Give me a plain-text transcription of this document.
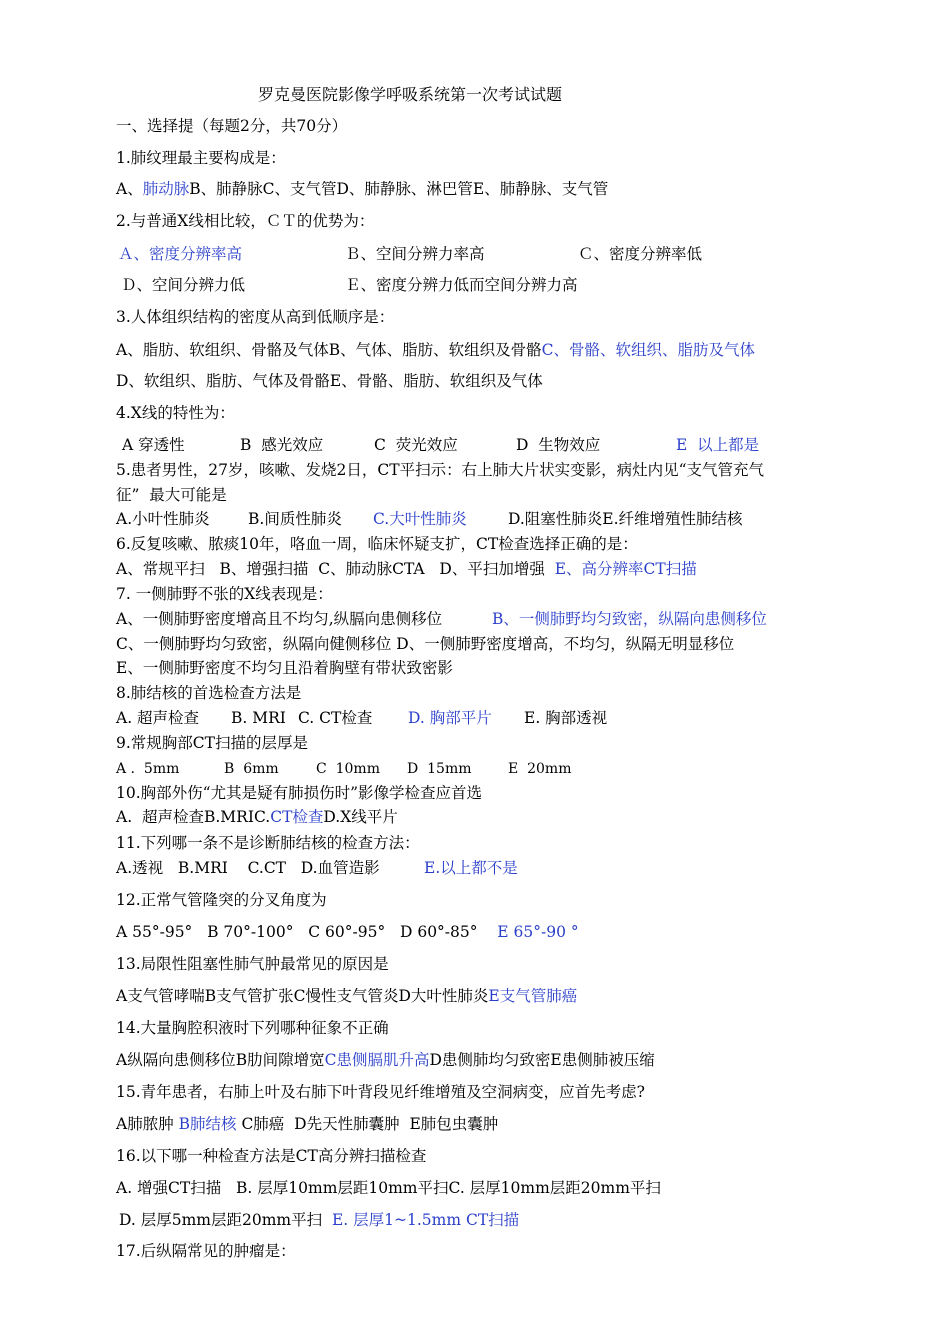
罗克曼医院影像学呼吸系统第一次考试试题
一、选择提（每题2分，共70分）
1.肺纹理最主要构成是：
A、肺动脉B、肺静脉C、支气管D、肺静脉、淋巴管E、肺静脉、支气管
2.与普通X线相比较，ＣＴ的优势为：
Ａ、密度分辨率高	Ｂ、空间分辨力率高	Ｃ、密度分辨率低
Ｄ、空间分辨力低	Ｅ、密度分辨力低而空间分辨力高
3.人体组织结构的密度从高到低顺序是：
A、脂肪、软组织、骨骼及气体B、气体、脂肪、软组织及骨骼C、骨骼、软组织、脂肪及气体
D、软组织、脂肪、气体及骨骼E、骨骼、脂肪、软组织及气体
4.X线的特性为：
A 穿透性	B  感光效应	C  荧光效应	D  生物效应	E  以上都是
5.患者男性，27岁，咳嗽、发烧2日，CT平扫示：右上肺大片状实变影，病灶内见“支气管充气
征”  最大可能是
A.小叶性肺炎 B.间质性肺炎 C.大叶性肺炎	D.阻塞性肺炎E.纤维增殖性肺结核
6.反复咳嗽、脓痰10年，咯血一周，临床怀疑支扩，CT检查选择正确的是：
A、常规平扫   B、增强扫描  C、肺动脉CTA   D、平扫加增强 E、高分辨率CT扫描
7. 一侧肺野不张的X线表现是：
A、一侧肺野密度增高且不均匀,纵膈向患侧移位	B、一侧肺野均匀致密，纵隔向患侧移位
C、一侧肺野均匀致密，纵隔向健侧移位 D、一侧肺野密度增高，不均匀，纵隔无明显移位
E、一侧肺野密度不均匀且沿着胸壁有带状致密影
8.肺结核的首选检查方法是
A. 超声检查 B. MRI C. CT检查 D. 胸部平片 E. 胸部透视
9.常规胸部CT扫描的层厚是
A .  5mm	B  6mm	C  10mm D  15mm	E  20mm
10.胸部外伤“尤其是疑有肺损伤时”影像学检查应首选
A.  超声检查B.MRIC.CT检查D.X线平片
11.下列哪一条不是诊断肺结核的检查方法：
A.透视   B.MRI    C.CT   D.血管造影	E.以上都不是
12.正常气管隆突的分叉角度为
A 55°-95°   B 70°-100°   C 60°-95°   D 60°-85° E 65°-90 °
13.局限性阻塞性肺气肿最常见的原因是
A支气管哮喘B支气管扩张C慢性支气管炎D大叶性肺炎E支气管肺癌
14.大量胸腔积液时下列哪种征象不正确
A纵隔向患侧移位B肋间隙增宽C患侧膈肌升高D患侧肺均匀致密E患侧肺被压缩
15.青年患者，右肺上叶及右肺下叶背段见纤维增殖及空洞病变，应首先考虑?
A肺脓肿 B肺结核 C肺癌  D先天性肺囊肿  E肺包虫囊肿
16.以下哪一种检查方法是CT高分辨扫描检查
A. 增强CT扫描   B. 层厚10mm层距10mm平扫C. 层厚10mm层距20mm平扫
D. 层厚5mm层距20mm平扫 E. 层厚1~1.5mm CT扫描
17.后纵隔常见的肿瘤是：
